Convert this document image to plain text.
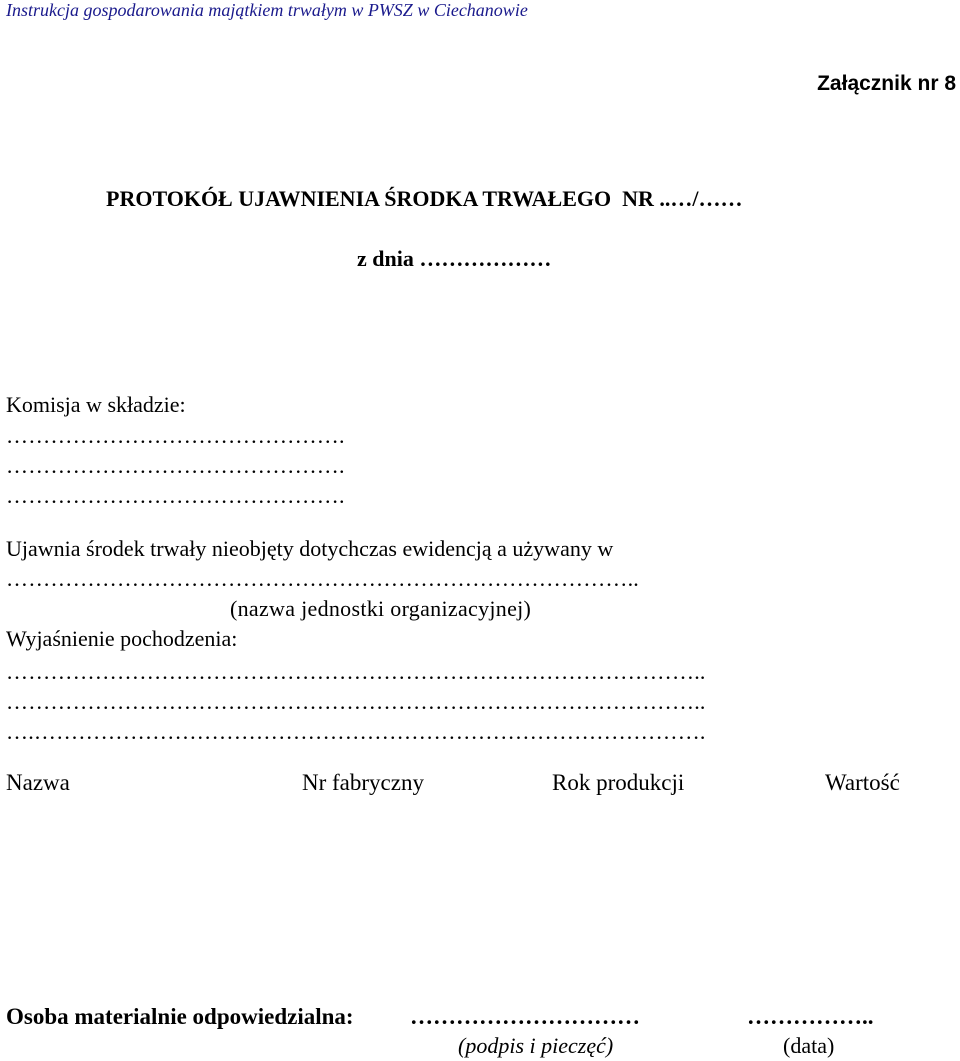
Instrukcja gospodarowania majątkiem trwałym w PWSZ w Ciechanowie
Załącznik nr 8
PROTOKÓŁ UJAWNIENIA ŚRODKA TRWAŁEGO  NR ..…/……
z dnia ………………
Komisja w składzie:
……………………………………….
……………………………………….
……………………………………….
Ujawnia środek trwały nieobjęty dotychczas ewidencją a używany w
…………………………………………………………………………..
(nazwa jednostki organizacyjnej)
Wyjaśnienie pochodzenia:
…………………………………………………………………………………..
…………………………………………………………………………………..
….……………………………………………………………………………….
Nazwa	Nr fabryczny	Rok produkcji	Wartość
Osoba materialnie odpowiedzialna: …………………………	……………..
(podpis i pieczęć)	(data)
